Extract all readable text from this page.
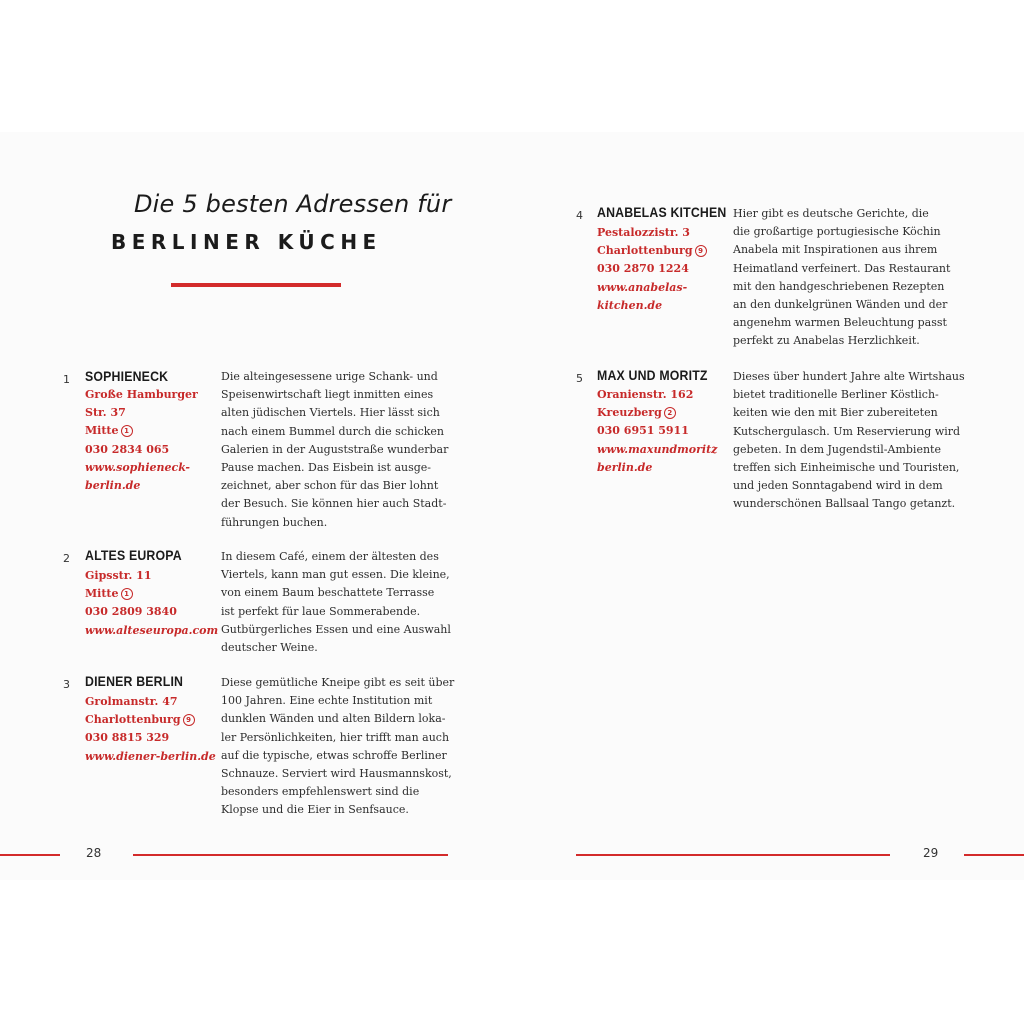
Die 5 besten Adressen für
BERLINER KÜCHE
1 SOPHIENECK
Große Hamburger
Str. 37
Mitte 1
030 2834 065
www.sophieneck-
berlin.de
Die alteingesessene urige Schank- und
Speisenwirtschaft liegt inmitten eines
alten jüdischen Viertels. Hier lässt sich
nach einem Bummel durch die schicken
Galerien in der Auguststraße wunderbar
Pause machen. Das Eisbein ist ausge-
zeichnet, aber schon für das Bier lohnt
der Besuch. Sie können hier auch Stadt-
führungen buchen.
2 ALTES EUROPA
Gipsstr. 11
Mitte 1
030 2809 3840
www.alteseuropa.com
In diesem Café, einem der ältesten des
Viertels, kann man gut essen. Die kleine,
von einem Baum beschattete Terrasse
ist perfekt für laue Sommerabende.
Gutbürgerliches Essen und eine Auswahl
deutscher Weine.
3 DIENER BERLIN
Grolmanstr. 47
Charlottenburg 9
030 8815 329
www.diener-berlin.de
Diese gemütliche Kneipe gibt es seit über
100 Jahren. Eine echte Institution mit
dunklen Wänden und alten Bildern loka-
ler Persönlichkeiten, hier trifft man auch
auf die typische, etwas schroffe Berliner
Schnauze. Serviert wird Hausmannskost,
besonders empfehlenswert sind die
Klopse und die Eier in Senfsauce.
4 ANABELAS KITCHEN
Pestalozzistr. 3
Charlottenburg 9
030 2870 1224
www.anabelas-
kitchen.de
Hier gibt es deutsche Gerichte, die
die großartige portugiesische Köchin
Anabela mit Inspirationen aus ihrem
Heimatland verfeinert. Das Restaurant
mit den handgeschriebenen Rezepten
an den dunkelgrünen Wänden und der
angenehm warmen Beleuchtung passt
perfekt zu Anabelas Herzlichkeit.
5 MAX UND MORITZ
Oranienstr. 162
Kreuzberg 2
030 6951 5911
www.maxundmoritz
berlin.de
Dieses über hundert Jahre alte Wirtshaus
bietet traditionelle Berliner Köstlich-
keiten wie den mit Bier zubereiteten
Kutschergulasch. Um Reservierung wird
gebeten. In dem Jugendstil-Ambiente
treffen sich Einheimische und Touristen,
und jeden Sonntagabend wird in dem
wunderschönen Ballsaal Tango getanzt.
28	29
